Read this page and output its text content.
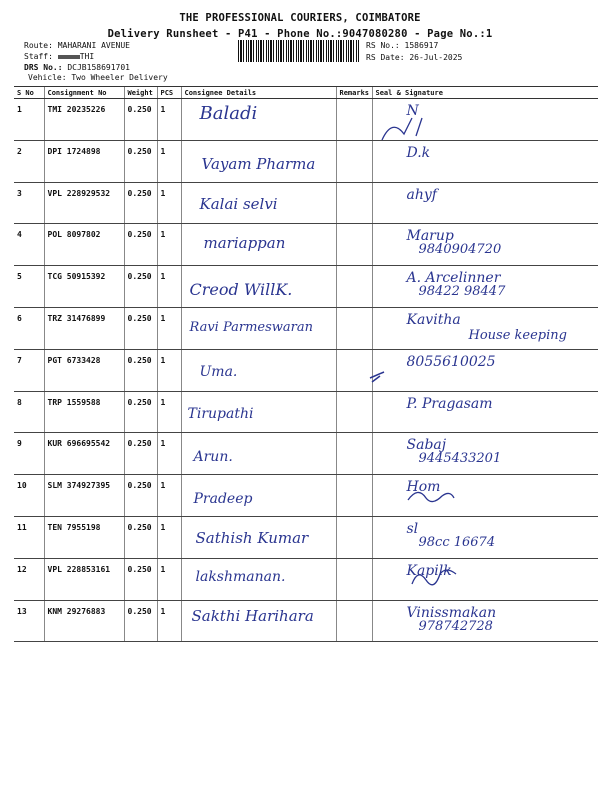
THE PROFESSIONAL COURIERS, COIMBATORE
Delivery Runsheet - P41 - Phone No.:9047080280 - Page No.:1
Route: MAHARANI AVENUE
Staff:	THI
DRS No.: DCJB158691701
Vehicle: Two Wheeler Delivery
RS No.: 1586917
RS Date: 26-Jul-2025
S No	Consignment No	Weight	PCS	Consignee Details	Remarks	Seal & Signature
1	TMI 20235226	0.250	1	Baladi		N

2	DPI 1724898	0.250	1	Vayam Pharma		D.k

3	VPL 228929532	0.250	1	Kalai selvi		ahyf

4	POL 8097802	0.250	1	mariappan		Marup
9840904720

5	TCG 50915392	0.250	1	Creod WillK.		A. Arcelinner
98422 98447

6	TRZ 31476899	0.250	1	Ravi Parmeswaran		Kavitha
House keeping

7	PGT 6733428	0.250	1	Uma.		8055610025

8	TRP 1559588	0.250	1	Tirupathi		P. Pragasam

9	KUR 696695542	0.250	1	Arun.		Sabaj
9445433201

10	SLM 374927395	0.250	1	Pradeep		Hom

11	TEN 7955198	0.250	1	Sathish Kumar		sl
98cc 16674

12	VPL 228853161	0.250	1	lakshmanan.		Kapilk

13	KNM 29276883	0.250	1	Sakthi Harihara		Vinissmakan
978742728
